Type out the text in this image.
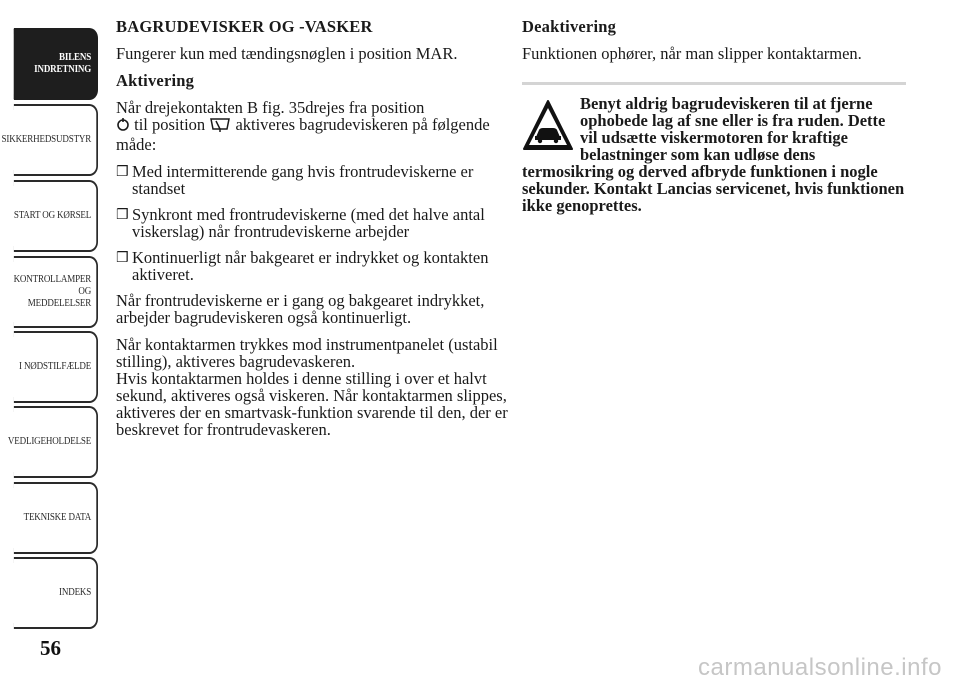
BILENS
INDRETNING
SIKKERHEDSUDSTYR
START OG KØRSEL
KONTROLLAMPER
OG MEDDELELSER
I NØDSTILFÆLDE
VEDLIGEHOLDELSE
TEKNISKE DATA
INDEKS
56
BAGRUDEVISKER OG -VASKER

Fungerer kun med tændingsnøglen i position MAR.

Aktivering

Når drejekontakten B fig. 35drejes fra position
til position aktiveres bagrudeviskeren på følgende måde:

❒ Med intermitterende gang hvis frontrudeviskerne er standset
❒ Synkront med frontrudeviskerne (med det halve antal viskerslag) når frontrudeviskerne arbejder
❒ Kontinuerligt når bakgearet er indrykket og kontakten aktiveret.

Når frontrudeviskerne er i gang og bakgearet indrykket, arbejder bagrudeviskeren også kontinuerligt.

Når kontaktarmen trykkes mod instrumentpanelet (ustabil stilling), aktiveres bagrudevaskeren.

Hvis kontaktarmen holdes i denne stilling i over et halvt sekund, aktiveres også viskeren. Når kontaktarmen slippes, aktiveres der en smartvask-funktion svarende til den, der er beskrevet for frontrudevaskeren.

Deaktivering

Funktionen ophører, når man slipper kontaktarmen.

Benyt aldrig bagrudeviskeren til at fjerne ophobede lag af sne eller is fra ruden. Dette vil udsætte viskermotoren for kraftige belastninger som kan udløse dens termosikring og derved afbryde funktionen i nogle sekunder. Kontakt Lancias servicenet, hvis funktionen ikke genoprettes.

carmanualsonline.info
